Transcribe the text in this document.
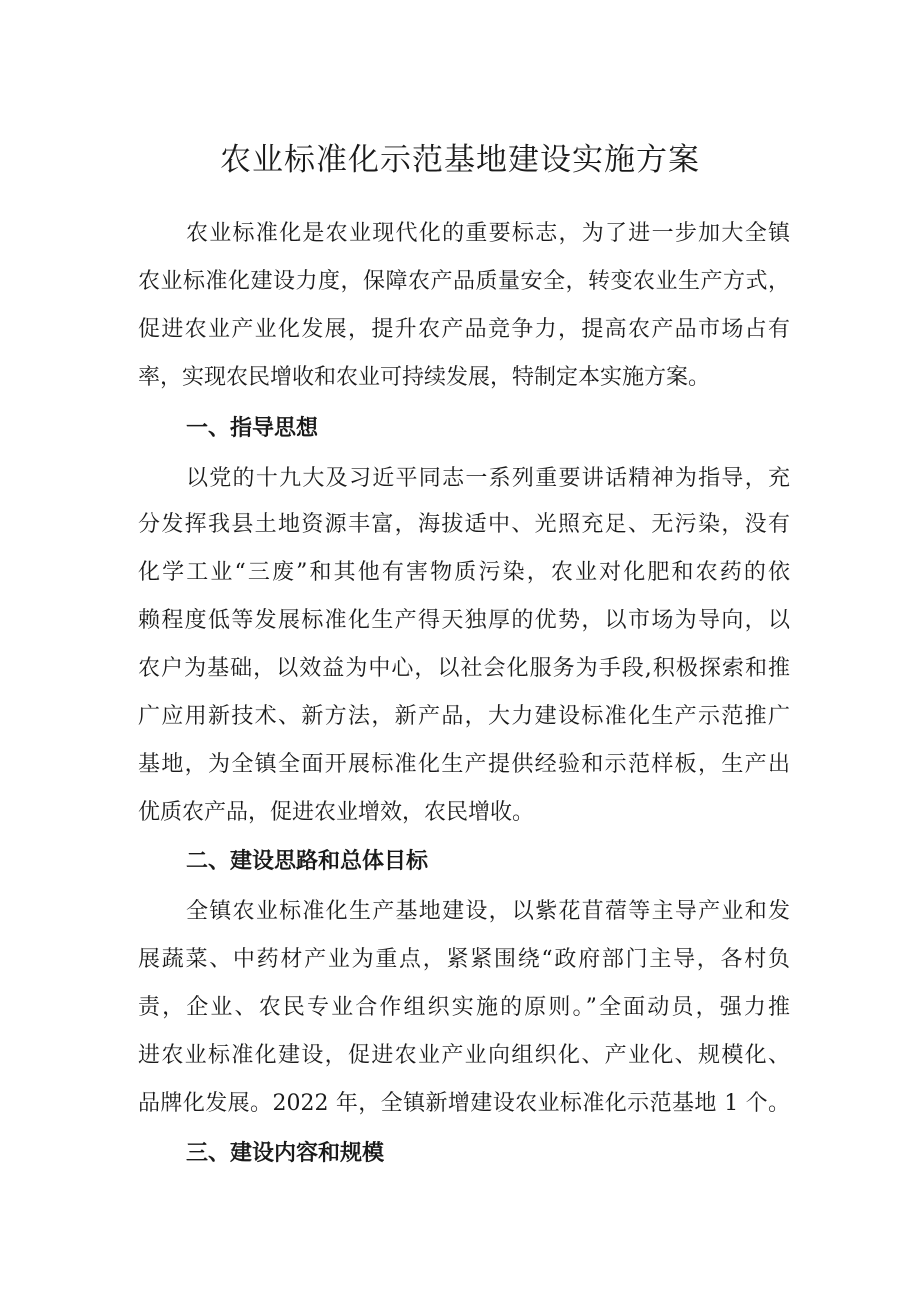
农业标准化示范基地建设实施方案

农业标准化是农业现代化的重要标志，为了进一步加大全镇

农业标准化建设力度，保障农产品质量安全，转变农业生产方式，

促进农业产业化发展，提升农产品竞争力，提高农产品市场占有

率，实现农民增收和农业可持续发展，特制定本实施方案。

一、指导思想

以党的十九大及习近平同志一系列重要讲话精神为指导，充

分发挥我县土地资源丰富，海拔适中、光照充足、无污染，没有

化学工业“三废”和其他有害物质污染，农业对化肥和农药的依

赖程度低等发展标准化生产得天独厚的优势，以市场为导向，以

农户为基础，以效益为中心，以社会化服务为手段,积极探索和推

广应用新技术、新方法，新产品，大力建设标准化生产示范推广

基地，为全镇全面开展标准化生产提供经验和示范样板，生产出

优质农产品，促进农业增效，农民增收。

二、建设思路和总体目标

全镇农业标准化生产基地建设，以紫花苜蓿等主导产业和发

展蔬菜、中药材产业为重点，紧紧围绕“政府部门主导，各村负

责，企业、农民专业合作组织实施的原则。”全面动员，强力推

进农业标准化建设，促进农业产业向组织化、产业化、规模化、

品牌化发展。2022 年，全镇新增建设农业标准化示范基地 1 个。

三、建设内容和规模
